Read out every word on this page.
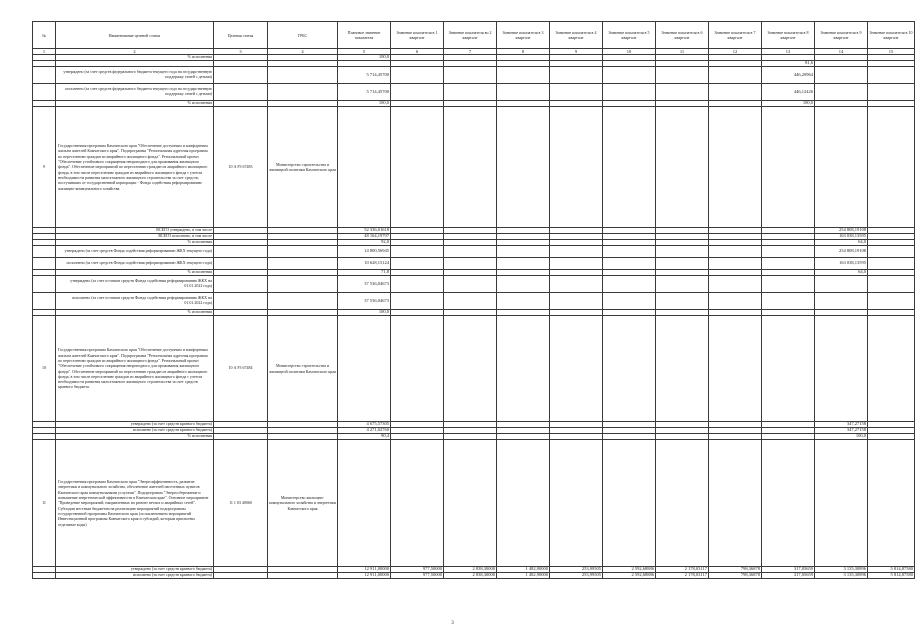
№	Наименование целевой статьи	Целевая статья	ГРБС	Плановое значение показателя	Значение показателя в 1 квартале	Значение показателя во 2 квартале	Значение показателя в 3 квартале	Значение показателя в 4 квартале	Значение показателя в 5 квартале	Значение показателя в 6 квартале	Значение показателя в 7 квартале	Значение показателя в 8 квартале	Значение показателя в 9 квартале	Значение показателя в 10 квартале
1	2	3	4	5	6	7	8	9	10	11	12	13	14	15
	% исполнения			100,0										
												81,6		
	утверждено (за счет средств федерального бюджета текущего года на государственную поддержку семей с детьми)			5 714,45700								446,20964		
	исполнено (за счет средств федерального бюджета текущего года на государственную поддержку семей с детьми)			5 714,45700								446,12426		
	% исполнения			100,0								100,0		
9	Государственная программа Камчатского края "Обеспечение доступным и комфортным жильем жителей Камчатского края". Подпрограмма "Региональная адресная программа по переселению граждан из аварийного жилищного фонда". Региональный проект "Обеспечение устойчивого сокращения непригодного для проживания жилищного фонда". Обеспечение мероприятий по переселению граждан из аварийного жилищного фонда, в том числе переселению граждан из аварийного жилищного фонда с учетом необходимости развития малоэтажного жилищного строительства за счет средств, поступивших от государственной корпорации - Фонда содействия реформированию жилищно-коммунального хозяйства.	10 А F3 67483	Министерство строительства и жилищной политики Камчатского края											
	ВСЕГО утверждено, в том числе			52 336,01618									254 808,19108	
	ВСЕГО исполнено, в том числе			48 164,19797									163 038,13595	
	% исполнения			92,0									64,0	
	утверждено (за счет средств Фонда содействия реформированию ЖКХ текущего года)			14 800,56945									254 808,19108	
	исполнено (за счет средств Фонда содействия реформированию ЖКХ текущего года)			10 628,15124									163 038,13595	
	% исполнения			71,8									64,0	
	утверждено (за счет остатков средств Фонда содействия реформированию ЖКХ на 01.01.2022 года)			37 536,04673										
	исполнено (за счет остатков средств Фонда содействия реформированию ЖКХ на 01.01.2022 года)			37 536,04673										
	% исполнения			100,0										
10	Государственная программа Камчатского края "Обеспечение доступным и комфортным жильем жителей Камчатского края". Подпрограмма "Региональная адресная программа по переселению граждан из аварийного жилищного фонда". Региональный проект "Обеспечение устойчивого сокращения непригодного для проживания жилищного фонда". Обеспечение мероприятий по переселению граждан из аварийного жилищного фонда, в том числе переселению граждан из аварийного жилищного фонда с учетом необходимости развития малоэтажного жилищного строительства за счет средств краевого бюджета.	10 А F3 67484	Министерство строительства и жилищной политики Камчатского края											
	утверждено (за счет средств краевого бюджета)			4 675,57305									347,27158	
	исполнено (за счет средств краевого бюджета)			4 271,02760									347,27158	
	% исполнения			90,4									100,0	
11	Государственная программа Камчатского края "Энергоэффективность, развитие энергетики и коммунального хозяйства, обеспечение жителей населенных пунктов Камчатского края коммунальными услугами". Подпрограмма "Энергосбережение и повышение энергетической эффективности в Камчатском крае". Основное мероприятие "Проведение мероприятий, направленных на ремонт ветхих и аварийных сетей". Субсидии местным бюджетам на реализацию мероприятий подпрограммы государственной программы Камчатского края (за исключением мероприятий Инвестиционной программы Камчатского края и субсидий, которым присвоены отдельные коды)	11 1 03 40060	Министерство жилищно-коммунального хозяйства и энергетики Камчатского края											
	утверждено (за счет средств краевого бюджета)			12 911,00000	977,50000	2 838,30000	1 482,90000	253,99505	2 592,68886	2 178,03117	798,36878	317,05659	3 135,30896	5 814,87580
	исполнено (за счет средств краевого бюджета)			12 911,00000	977,50000	2 838,30000	1 482,90000	253,99505	2 592,68886	2 178,03117	798,36878	317,05659	3 135,30896	5 814,87580
3
